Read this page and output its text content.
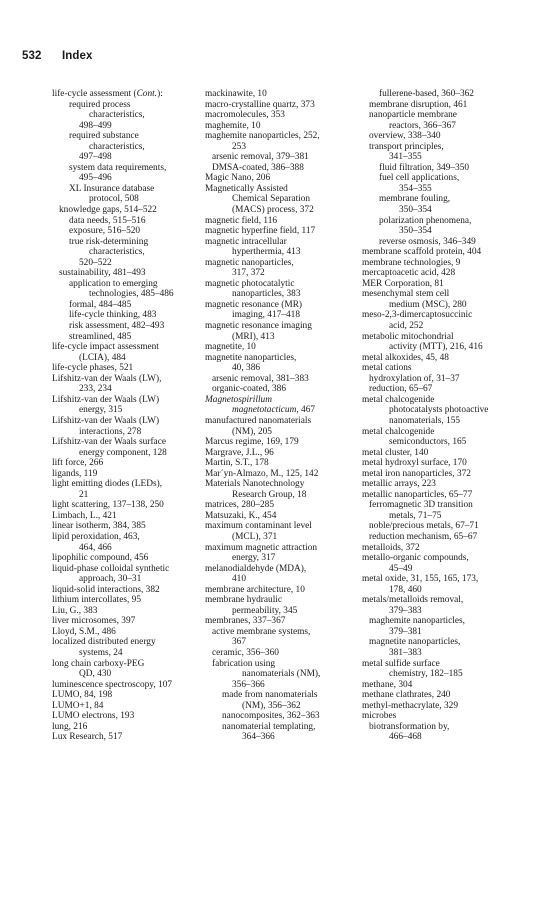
532 Index
life-cycle assessment (Cont.):
required process
characteristics,
498–499
required substance
characteristics,
497–498
system data requirements,
495–496
XL Insurance database
protocol, 508
knowledge gaps, 514–522
data needs, 515–516
exposure, 516–520
true risk-determining
characteristics,
520–522
sustainability, 481–493
application to emerging
technologies, 485–486
formal, 484–485
life-cycle thinking, 483
risk assessment, 482–493
streamlined, 485
life-cycle impact assessment
(LCIA), 484
life-cycle phases, 521
Lifshitz-van der Waals (LW),
233, 234
Lifshitz-van der Waals (LW)
energy, 315
Lifshitz-van der Waals (LW)
interactions, 278
Lifshitz-van der Waals surface
energy component, 128
lift force, 266
ligands, 119
light emitting diodes (LEDs),
21
light scattering, 137–138, 250
Limbach, L., 421
linear isotherm, 384, 385
lipid peroxidation, 463,
464, 466
lipophilic compound, 456
liquid-phase colloidal synthetic
approach, 30–31
liquid-solid interactions, 382
lithium intercollates, 95
Liu, G., 383
liver microsomes, 397
Lloyd, S.M., 486
localized distributed energy
systems, 24
long chain carboxy-PEG
QD, 430
luminescence spectroscopy, 107
LUMO, 84, 198
LUMO+1, 84
LUMO electrons, 193
lung, 216
Lux Research, 517
mackinawite, 10
macro-crystalline quartz, 373
macromolecules, 353
maghemite, 10
maghemite nanoparticles, 252,
253
arsenic removal, 379–381
DMSA-coated, 386–388
Magic Nano, 206
Magnetically Assisted
Chemical Separation
(MACS) process, 372
magnetic field, 116
magnetic hyperfine field, 117
magnetic intracellular
hyperthermia, 413
magnetic nanoparticles,
317, 372
magnetic photocatalytic
nanoparticles, 383
magnetic resonance (MR)
imaging, 417–418
magnetic resonance imaging
(MRI), 413
magnetite, 10
magnetite nanoparticles,
40, 386
arsenic removal, 381–383
organic-coated, 386
Magnetospirillum
magnetotacticum, 467
manufactured nanomaterials
(NM), 205
Marcus regime, 169, 179
Margrave, J.L., 96
Martin, S.T., 178
Mar´yn-Almazo, M., 125, 142
Materials Nanotechnology
Research Group, 18
matrices, 280–285
Matsuzaki, K., 454
maximum contaminant level
(MCL), 371
maximum magnetic attraction
energy, 317
melanodialdehyde (MDA),
410
membrane architecture, 10
membrane hydraulic
permeability, 345
membranes, 337–367
active membrane systems,
367
ceramic, 356–360
fabrication using
nanomaterials (NM),
356–366
made from nanomaterials
(NM), 356–362
nanocomposites, 362–363
nanomaterial templating,
364–366
fullerene-based, 360–362
membrane disruption, 461
nanoparticle membrane
reactors, 366–367
overview, 338–340
transport principles,
341–355
fluid filtration, 349–350
fuel cell applications,
354–355
membrane fouling,
350–354
polarization phenomena,
350–354
reverse osmosis, 346–349
membrane scaffold protein, 404
membrane technologies, 9
mercaptoacetic acid, 428
MER Corporation, 81
mesenchymal stem cell
medium (MSC), 280
meso-2,3-dimercaptosuccinic
acid, 252
metabolic mitochondrial
activity (MTT), 216, 416
metal alkoxides, 45, 48
metal cations
hydroxylation of, 31–37
reduction, 65–67
metal chalcogenide
photocatalysts photoactive
nanomaterials, 155
metal chalcogenide
semiconductors, 165
metal cluster, 140
metal hydroxyl surface, 170
metal iron nanoparticles, 372
metallic arrays, 223
metallic nanoparticles, 65–77
ferromagnetic 3D transition
metals, 71–75
noble/precious metals, 67–71
reduction mechanism, 65–67
metalloids, 372
metallo-organic compounds,
45–49
metal oxide, 31, 155, 165, 173,
178, 460
metals/metalloids removal,
379–383
maghemite nanoparticles,
379–381
magnetite nanoparticles,
381–383
metal sulfide surface
chemistry, 182–185
methane, 304
methane clathrates, 240
methyl-methacrylate, 329
microbes
biotransformation by,
466–468
